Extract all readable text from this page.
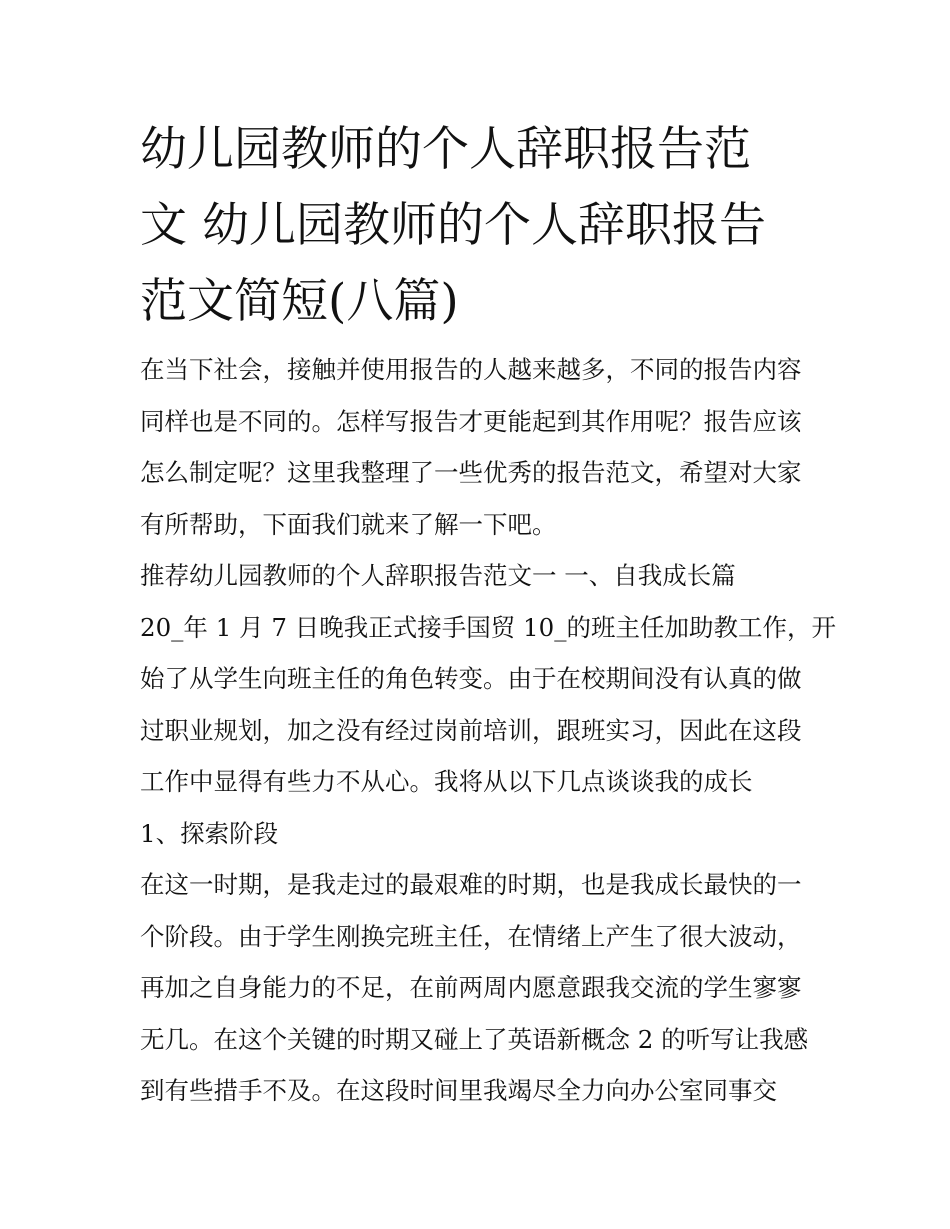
幼儿园教师的个人辞职报告范
文 幼儿园教师的个人辞职报告
范文简短(八篇)
在当下社会，接触并使用报告的人越来越多，不同的报告内容
同样也是不同的。怎样写报告才更能起到其作用呢？报告应该
怎么制定呢？这里我整理了一些优秀的报告范文，希望对大家
有所帮助，下面我们就来了解一下吧。
推荐幼儿园教师的个人辞职报告范文一 一、自我成长篇
20_年 1 月 7 日晚我正式接手国贸 10_的班主任加助教工作，开
始了从学生向班主任的角色转变。由于在校期间没有认真的做
过职业规划，加之没有经过岗前培训，跟班实习，因此在这段
工作中显得有些力不从心。我将从以下几点谈谈我的成长
1、探索阶段
在这一时期，是我走过的最艰难的时期，也是我成长最快的一
个阶段。由于学生刚换完班主任，在情绪上产生了很大波动，
再加之自身能力的不足，在前两周内愿意跟我交流的学生寥寥
无几。在这个关键的时期又碰上了英语新概念 2 的听写让我感
到有些措手不及。在这段时间里我竭尽全力向办公室同事交
